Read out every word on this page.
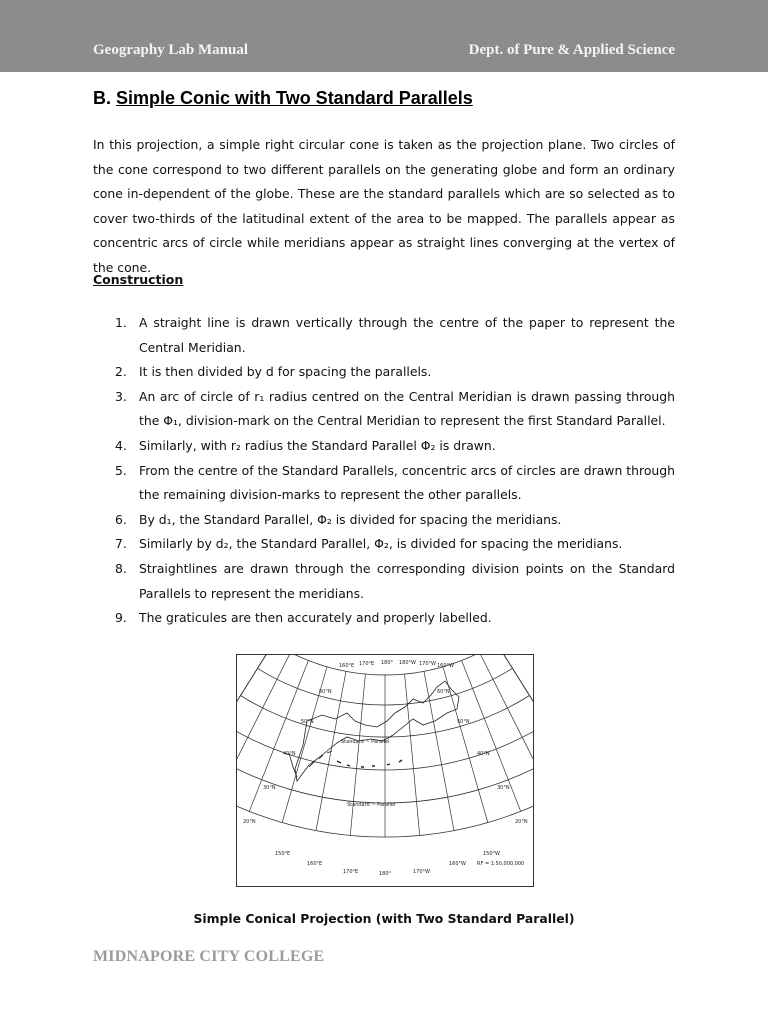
Geography Lab Manual	Dept. of Pure & Applied Science
B. Simple Conic with Two Standard Parallels

In this projection, a simple right circular cone is taken as the projection plane. Two circles of the cone correspond to two different parallels on the generating globe and form an ordinary cone in-dependent of the globe. These are the standard parallels which are so selected as to cover two-thirds of the latitudinal extent of the area to be mapped. The parallels appear as concentric arcs of circle while meridians appear as straight lines converging at the vertex of the cone.

Construction
1. A straight line is drawn vertically through the centre of the paper to represent the Central Meridian.
2. It is then divided by d for spacing the parallels.
3. An arc of circle of r₁ radius centred on the Central Meridian is drawn passing through the Φ₁, division-mark on the Central Meridian to represent the first Standard Parallel.
4. Similarly, with r₂ radius the Standard Parallel Φ₂ is drawn.
5. From the centre of the Standard Parallels, concentric arcs of circles are drawn through the remaining division-marks to represent the other parallels.
6. By d₁, the Standard Parallel, Φ₂ is divided for spacing the meridians.
7. Similarly by d₂, the Standard Parallel, Φ₂, is divided for spacing the meridians.
8. Straightlines are drawn through the corresponding division points on the Standard Parallels to represent the meridians.
9. The graticules are then accurately and properly labelled.
Standard ~ Parallel
Standard ~ Parallel
RF = 1:50,000,000
150°E
160°E
170°E	180°	170°W
160°W
150°W
160°E 170°E 180° 180°W 170°W 160°W
60°N
50°N
40°N
30°N
20°N
60°N
50°N
40°N
30°N
20°N
Simple Conical Projection (with Two Standard Parallel)
MIDNAPORE CITY COLLEGE
